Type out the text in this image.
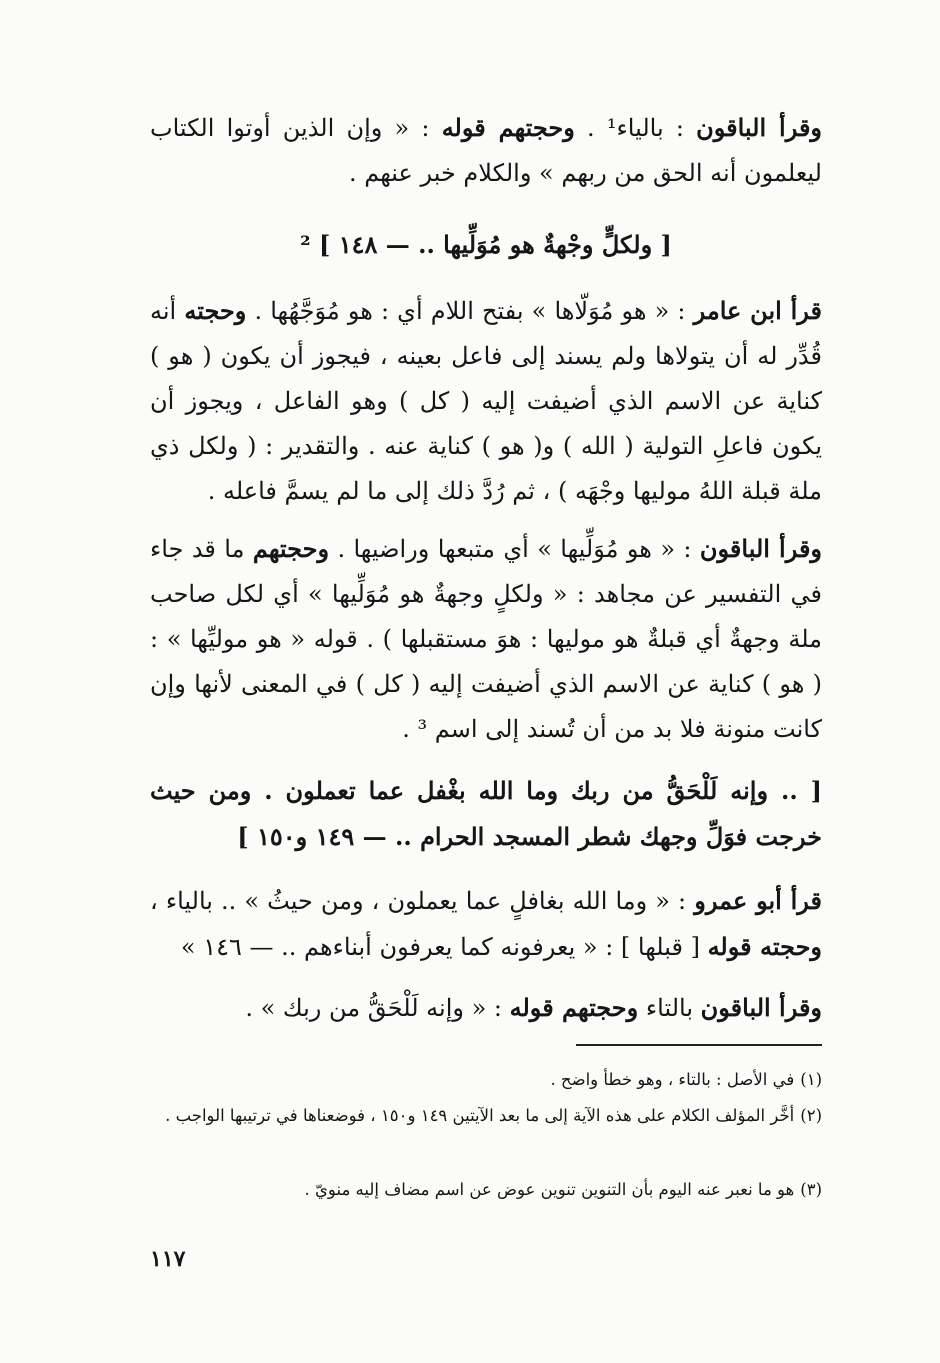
وقرأ الباقون : بالياء¹ . وحجتهم قوله : « وإن الذين أوتوا الكتاب ليعلمون أنه الحق من ربهم » والكلام خبر عنهم .

[ ولكلٍّ وجْهةٌ هو مُوَلِّيها .. — ١٤٨ ] ²

قرأ ابن عامر : « هو مُوَلّاها » بفتح اللام أي : هو مُوَجَّهُها . وحجته أنه قُدِّر له أن يتولاها ولم يسند إلى فاعل بعينه ، فيجوز أن يكون ( هو ) كناية عن الاسم الذي أضيفت إليه ( كل ) وهو الفاعل ، ويجوز أن يكون فاعلِ التولية ( الله ) و( هو ) كناية عنه . والتقدير : ( ولكل ذي ملة قبلة اللهُ موليها وجْهَه ) ، ثم رُدَّ ذلك إلى ما لم يسمَّ فاعله .

وقرأ الباقون : « هو مُوَلِّيها » أي متبعها وراضيها . وحجتهم ما قد جاء في التفسير عن مجاهد : « ولكلٍ وجهةٌ هو مُوَلِّيها » أي لكل صاحب ملة وجهةٌ أي قبلةٌ هو موليها : هوَ مستقبلها ) . قوله « هو موليِّها » : ( هو ) كناية عن الاسم الذي أضيفت إليه ( كل ) في المعنى لأنها وإن كانت منونة فلا بد من أن تُسند إلى اسم ³ .

[ .. وإنه لَلْحَقُّ من ربك وما الله بغْفل عما تعملون . ومن حيث خرجت فوَلِّ وجهك شطر المسجد الحرام .. — ١٤٩ و١٥٠ ]

قرأ أبو عمرو : « وما الله بغافلٍ عما يعملون ، ومن حيثُ » .. بالياء ، وحجته قوله [ قبلها ] : « يعرفونه كما يعرفون أبناءهم .. — ١٤٦ »

وقرأ الباقون بالتاء وحجتهم قوله : « وإنه لَلْحَقُّ من ربك » .

(١)في الأصل : بالتاء ، وهو خطأ واضح .
(٢)أخَّر المؤلف الكلام على هذه الآية إلى ما بعد الآيتين ١٤٩ و١٥٠ ، فوضعناها في ترتيبها الواجب .
(٣)هو ما نعبر عنه اليوم بأن التنوين تنوين عوض عن اسم مضاف إليه منويّ .
١١٧
